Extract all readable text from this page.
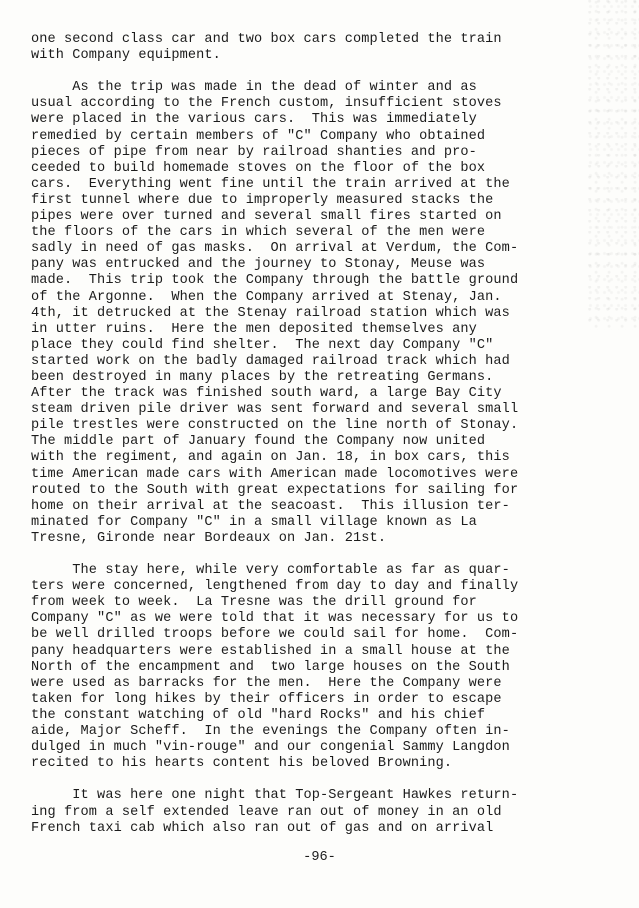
one second class car and two box cars completed the train
with Company equipment.
As the trip was made in the dead of winter and as
usual according to the French custom, insufficient stoves
were placed in the various cars.  This was immediately
remedied by certain members of "C" Company who obtained
pieces of pipe from near by railroad shanties and pro-
ceeded to build homemade stoves on the floor of the box
cars.  Everything went fine until the train arrived at the
first tunnel where due to improperly measured stacks the
pipes were over turned and several small fires started on
the floors of the cars in which several of the men were
sadly in need of gas masks.  On arrival at Verdum, the Com-
pany was entrucked and the journey to Stonay, Meuse was
made.  This trip took the Company through the battle ground
of the Argonne.  When the Company arrived at Stenay, Jan.
4th, it detrucked at the Stenay railroad station which was
in utter ruins.  Here the men deposited themselves any
place they could find shelter.  The next day Company "C"
started work on the badly damaged railroad track which had
been destroyed in many places by the retreating Germans.
After the track was finished south ward, a large Bay City
steam driven pile driver was sent forward and several small
pile trestles were constructed on the line north of Stonay.
The middle part of January found the Company now united
with the regiment, and again on Jan. 18, in box cars, this
time American made cars with American made locomotives were
routed to the South with great expectations for sailing for
home on their arrival at the seacoast.  This illusion ter-
minated for Company "C" in a small village known as La
Tresne, Gironde near Bordeaux on Jan. 21st.
The stay here, while very comfortable as far as quar-
ters were concerned, lengthened from day to day and finally
from week to week.  La Tresne was the drill ground for
Company "C" as we were told that it was necessary for us to
be well drilled troops before we could sail for home.  Com-
pany headquarters were established in a small house at the
North of the encampment and  two large houses on the South
were used as barracks for the men.  Here the Company were
taken for long hikes by their officers in order to escape
the constant watching of old "hard Rocks" and his chief
aide, Major Scheff.  In the evenings the Company often in-
dulged in much "vin-rouge" and our congenial Sammy Langdon
recited to his hearts content his beloved Browning.
It was here one night that Top-Sergeant Hawkes return-
ing from a self extended leave ran out of money in an old
French taxi cab which also ran out of gas and on arrival
-96-
